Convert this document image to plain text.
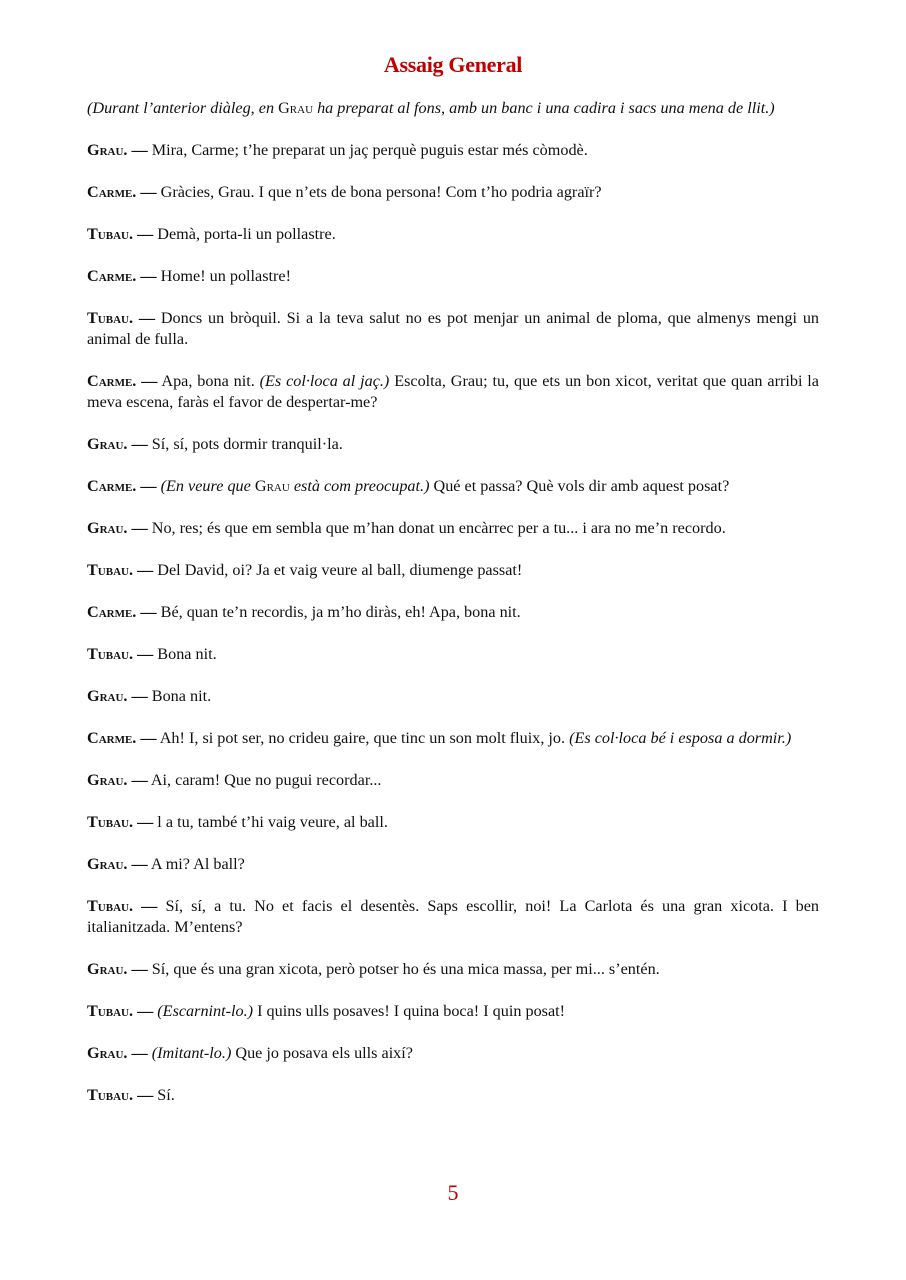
Assaig General

(Durant l’anterior diàleg, en Grau ha preparat al fons, amb un banc i una cadira i sacs una mena de llit.)

Grau. — Mira, Carme; t’he preparat un jaç perquè puguis estar més còmodè.

Carme. — Gràcies, Grau. I que n’ets de bona persona! Com t’ho podria agraïr?

Tubau. — Demà, porta-li un pollastre.

Carme. — Home! un pollastre!

Tubau. — Doncs un bròquil. Si a la teva salut no es pot menjar un animal de ploma, que almenys mengi un animal de fulla.

Carme. — Apa, bona nit. (Es col·loca al jaç.) Escolta, Grau; tu, que ets un bon xicot, veritat que quan arribi la meva escena, faràs el favor de despertar-me?

Grau. — Sí, sí, pots dormir tranquil·la.

Carme. — (En veure que Grau està com preocupat.) Qué et passa? Què vols dir amb aquest posat?

Grau. — No, res; és que em sembla que m’han donat un encàrrec per a tu... i ara no me’n recordo.

Tubau. — Del David, oi? Ja et vaig veure al ball, diumenge passat!

Carme. — Bé, quan te’n recordis, ja m’ho diràs, eh! Apa, bona nit.

Tubau. — Bona nit.

Grau. — Bona nit.

Carme. — Ah! I, si pot ser, no crideu gaire, que tinc un son molt fluix, jo. (Es col·loca bé i esposa a dormir.)

Grau. — Ai, caram! Que no pugui recordar...

Tubau. — l a tu, també t’hi vaig veure, al ball.

Grau. — A mi? Al ball?

Tubau. — Sí, sí, a tu. No et facis el desentès. Saps escollir, noi! La Carlota és una gran xicota. I ben italianitzada. M’entens?

Grau. — Sí, que és una gran xicota, però potser ho és una mica massa, per mi... s’entén.

Tubau. — (Escarnint-lo.) I quins ulls posaves! I quina boca! I quin posat!

Grau. — (Imitant-lo.) Que jo posava els ulls així?

Tubau. — Sí.

5
